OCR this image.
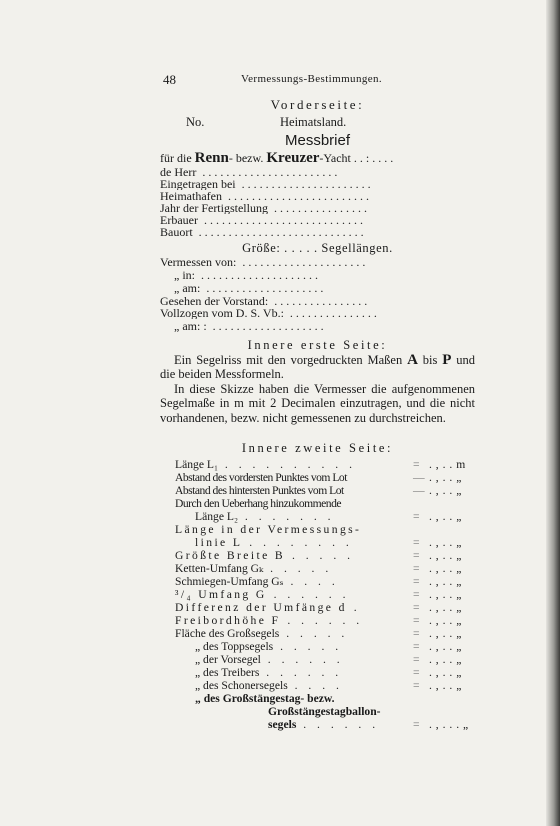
48	Vermessungs-Bestimmungen.
Vorderseite:
No.	Heimatsland.
Messbrief
für die Renn- bezw. Kreuzer-Yacht . . : . . . .
de Herr .......................
Eingetragen bei ......................
Heimathafen ........................
Jahr der Fertigstellung ................
Erbauer ...........................
Bauort ............................
Größe: . . . . . Segellängen.
Vermessen von: .....................
„ in: ....................
„ am: ....................
Gesehen der Vorstand: ................
Vollzogen vom D. S. Vb.: ...............
„ am: : ...................
Innere erste Seite:

Ein Segelriss mit den vorgedruckten Maßen A bis P und die beiden Messformeln.

In diese Skizze haben die Vermesser die aufgenommenen Segelmaße in m mit 2 Decimalen einzutragen, und die nicht vorhandenen, bezw. nicht gemessenen zu durchstreichen.

Innere zweite Seite:
Länge L₁ . . . . . . . . . .	= . , . . m
Abstand des vordersten Punktes vom Lot	— . , . . „
Abstand des hintersten Punktes vom Lot	— . , . . „
Durch den Ueberhang hinzukommende
Länge L₂ . . . . . . .	= . , . . „
Länge in der Vermessungs-
linie L . . . . . . . .	= . , . . „
Größte Breite B . . . . .	= . , . . „
Ketten-Umfang Gₖ . . . . .	= . , . . „
Schmiegen-Umfang Gₛ . . . .	= . , . . „
³/₄ Umfang G . . . . . .	= . , . . „
Differenz der Umfänge d .	= . , . . „
Freibordhöhe F . . . . . .	= . , . . „
Fläche des Großsegels . . . . .	= . , . . „
„ des Toppsegels . . . . .	= . , . . „
„ der Vorsegel . . . . . .	= . , . . „
„ des Treibers . . . . . .	= . , . . „
„ des Schonersegels . . . .	= . , . . „
„ des Großstängestag- bezw.
Großstängestagballon-
segels . . . . . .	= . , . . . „
